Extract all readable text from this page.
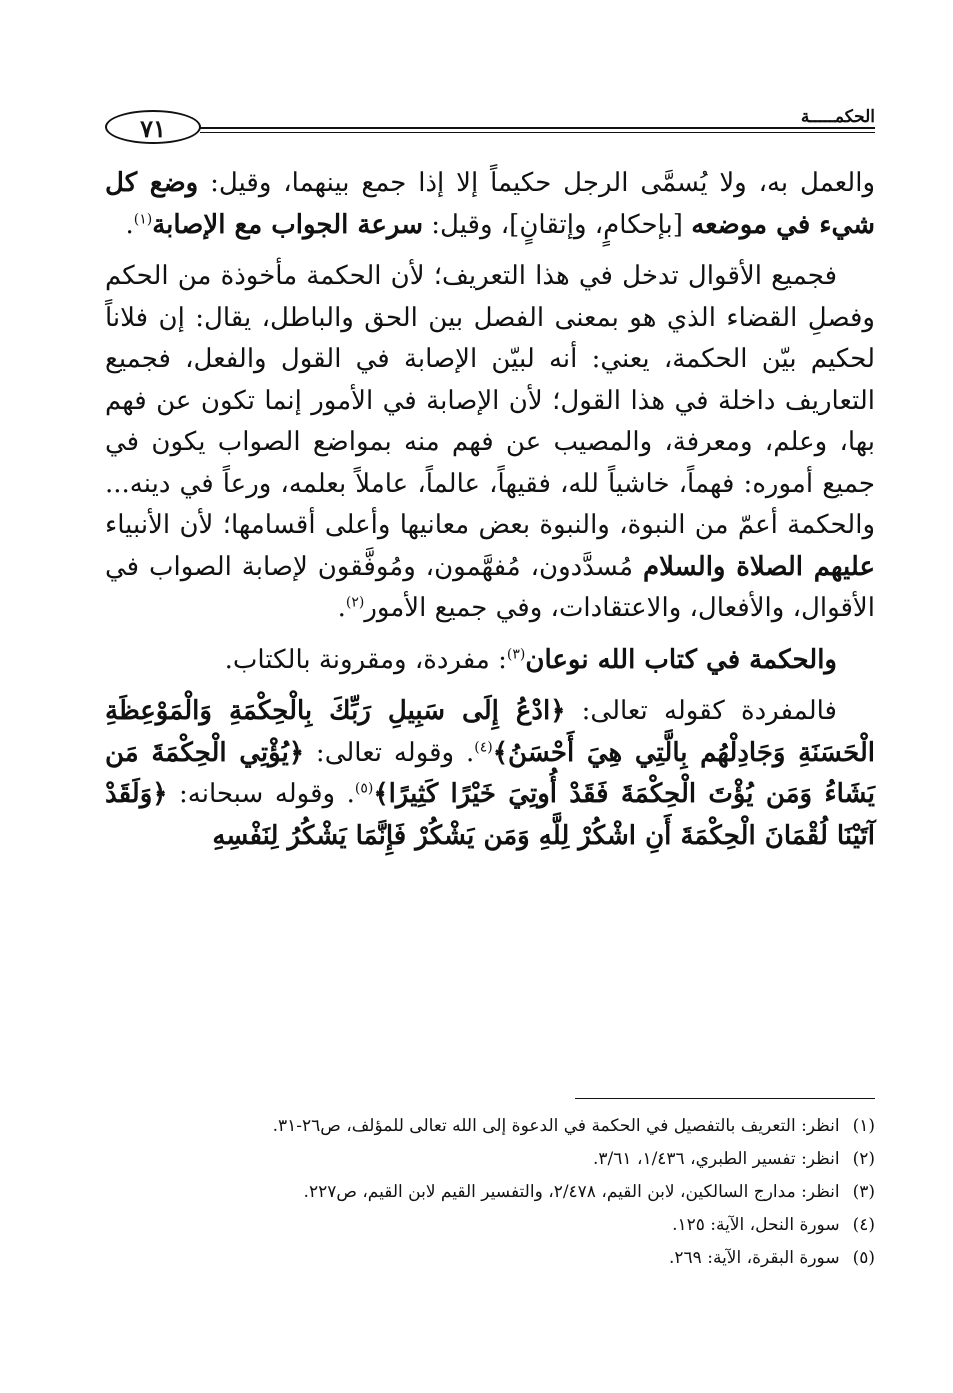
الحكمـــــة
٧١

والعمل به، ولا يُسمَّى الرجل حكيماً إلا إذا جمع بينهما، وقيل: وضع كل شيء في موضعه [بإحكامٍ، وإتقانٍ]، وقيل: سرعة الجواب مع الإصابة$^{(١)}$.

فجميع الأقوال تدخل في هذا التعريف؛ لأن الحكمة مأخوذة من الحكم وفصلِ القضاء الذي هو بمعنى الفصل بين الحق والباطل، يقال: إن فلاناً لحكيم بيّن الحكمة، يعني: أنه لبيّن الإصابة في القول والفعل، فجميع التعاريف داخلة في هذا القول؛ لأن الإصابة في الأمور إنما تكون عن فهم بها، وعلم، ومعرفة، والمصيب عن فهم منه بمواضع الصواب يكون في جميع أموره: فهماً، خاشياً لله، فقيهاً، عالماً، عاملاً بعلمه، ورعاً في دينه... والحكمة أعمّ من النبوة، والنبوة بعض معانيها وأعلى أقسامها؛ لأن الأنبياء عليهم الصلاة والسلام مُسدَّدون، مُفهَّمون، ومُوفَّقون لإصابة الصواب في الأقوال، والأفعال، والاعتقادات، وفي جميع الأمور$^{(٢)}$.

والحكمة في كتاب الله نوعان$^{(٣)}$: مفردة، ومقرونة بالكتاب.

فالمفردة كقوله تعالى: ﴿ادْعُ إِلَى سَبِيلِ رَبِّكَ بِالْحِكْمَةِ وَالْمَوْعِظَةِ الْحَسَنَةِ وَجَادِلْهُم بِالَّتِي هِيَ أَحْسَنُ﴾$^{(٤)}$. وقوله تعالى: ﴿يُؤْتِي الْحِكْمَةَ مَن يَشَاءُ وَمَن يُؤْتَ الْحِكْمَةَ فَقَدْ أُوتِيَ خَيْرًا كَثِيرًا﴾$^{(٥)}$. وقوله سبحانه: ﴿وَلَقَدْ آتَيْنَا لُقْمَانَ الْحِكْمَةَ أَنِ اشْكُرْ لِلَّهِ وَمَن يَشْكُرْ فَإِنَّمَا يَشْكُرُ لِنَفْسِهِ

(١) انظر: التعريف بالتفصيل في الحكمة في الدعوة إلى الله تعالى للمؤلف، ص٢٦-٣١.

(٢) انظر: تفسير الطبري، ١/٤٣٦، ٣/٦١.

(٣) انظر: مدارج السالكين، لابن القيم، ٢/٤٧٨، والتفسير القيم لابن القيم، ص٢٢٧.

(٤) سورة النحل، الآية: ١٢٥.

(٥) سورة البقرة، الآية: ٢٦٩.
